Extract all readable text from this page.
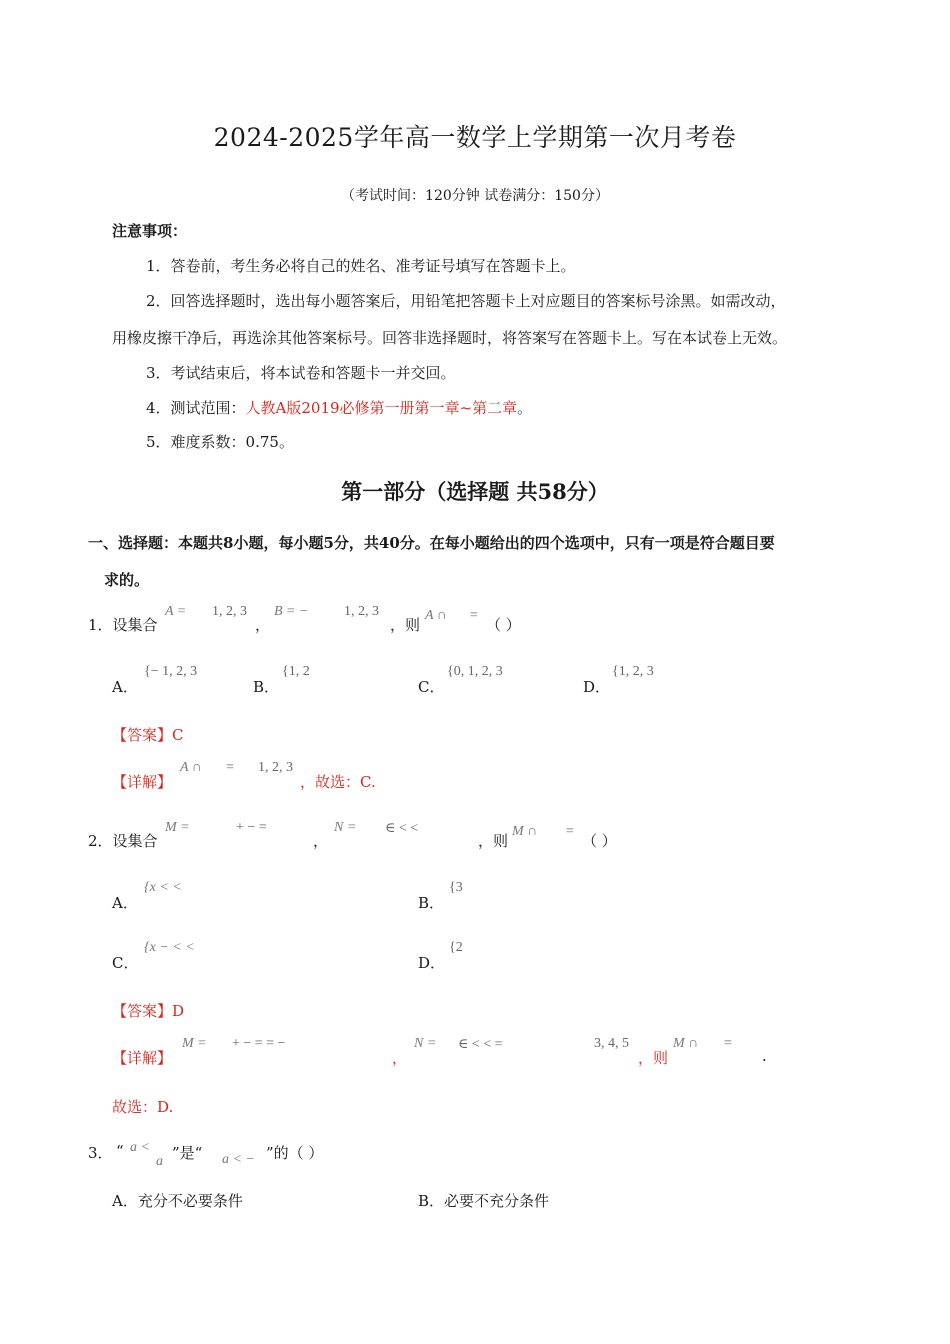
2024-2025学年高一数学上学期第一次月考卷
（考试时间：120分钟 试卷满分：150分）
注意事项：
1．答卷前，考生务必将自己的姓名、准考证号填写在答题卡上。
2．回答选择题时，选出每小题答案后，用铅笔把答题卡上对应题目的答案标号涂黑。如需改动，
用橡皮擦干净后，再选涂其他答案标号。回答非选择题时，将答案写在答题卡上。写在本试卷上无效。
3．考试结束后，将本试卷和答题卡一并交回。
4．测试范围：人教A版2019必修第一册第一章~第二章。
5．难度系数：0.75。
第一部分（选择题 共58分）
一、选择题：本题共8小题，每小题5分，共40分。在每小题给出的四个选项中，只有一项是符合题目要
求的。
1．设集合
A = 1, 2, 3
，
B = −	1, 2, 3
，则
A ∩ =
（ ）
A．
{− 1, 2, 3
B．
{1, 2
C．
{0, 1, 2, 3
D．
{1, 2, 3
【答案】C
【详解】
A ∩ = 1, 2, 3
，故选：C.
2．设集合
M =	+ − =
，
N = ∈ < <
，则
M ∩ =
（ ）
A．
{x < <
B．
{3
C．
{x − < <
D．
{2
【答案】D
【详解】
M = + − = = −
，
N = ∈ < < =	3, 4, 5
，则
M ∩ =
.
故选：D.
3． “ a <
a ”是“ a < − ”的（ ）
A．充分不必要条件	B．必要不充分条件
